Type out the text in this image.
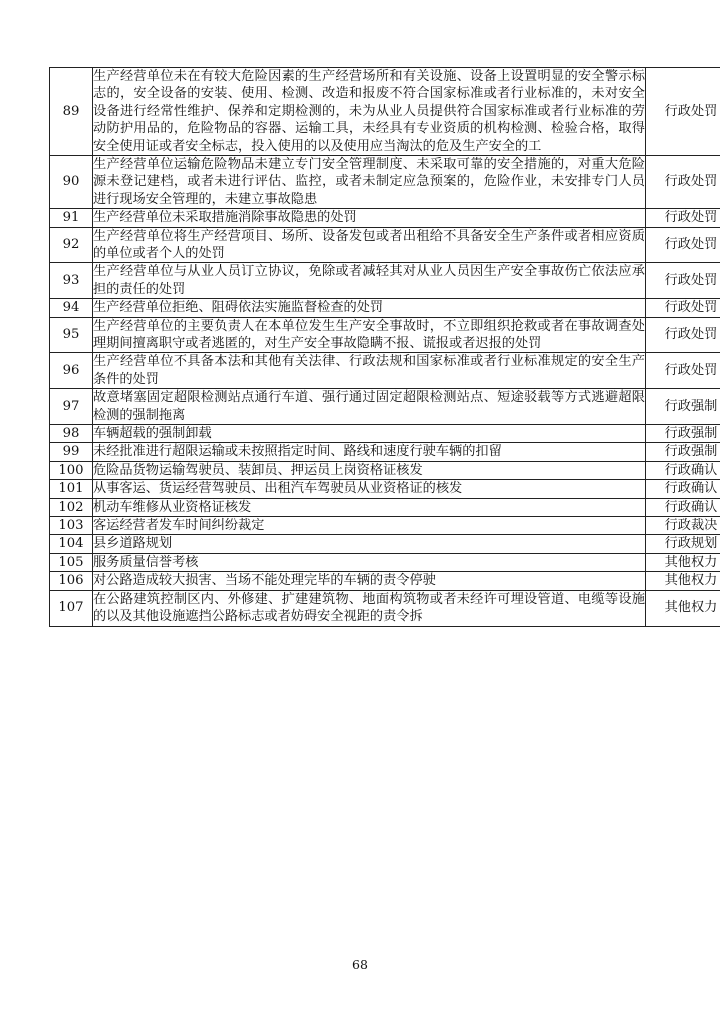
89	生产经营单位未在有较大危险因素的生产经营场所和有关设施、设备上设置明显的安全警示标志的，安全设备的安装、使用、检测、改造和报废不符合国家标准或者行业标准的，未对安全设备进行经常性维护、保养和定期检测的，未为从业人员提供符合国家标准或者行业标准的劳动防护用品的，危险物品的容器、运输工具，未经具有专业资质的机构检测、检验合格，取得安全使用证或者安全标志，投入使用的以及使用应当淘汰的危及生产安全的工	行政处罚
90	生产经营单位运输危险物品未建立专门安全管理制度、未采取可靠的安全措施的，对重大危险源未登记建档，或者未进行评估、监控，或者未制定应急预案的，危险作业，未安排专门人员进行现场安全管理的，未建立事故隐患	行政处罚
91	生产经营单位未采取措施消除事故隐患的处罚	行政处罚
92	生产经营单位将生产经营项目、场所、设备发包或者出租给不具备安全生产条件或者相应资质的单位或者个人的处罚	行政处罚
93	生产经营单位与从业人员订立协议，免除或者减轻其对从业人员因生产安全事故伤亡依法应承担的责任的处罚	行政处罚
94	生产经营单位拒绝、阻碍依法实施监督检查的处罚	行政处罚
95	生产经营单位的主要负责人在本单位发生生产安全事故时，不立即组织抢救或者在事故调查处理期间擅离职守或者逃匿的，对生产安全事故隐瞒不报、谎报或者迟报的处罚	行政处罚
96	生产经营单位不具备本法和其他有关法律、行政法规和国家标准或者行业标准规定的安全生产条件的处罚	行政处罚
97	故意堵塞固定超限检测站点通行车道、强行通过固定超限检测站点、短途驳载等方式逃避超限检测的强制拖离	行政强制
98	车辆超载的强制卸载	行政强制
99	未经批准进行超限运输或未按照指定时间、路线和速度行驶车辆的扣留	行政强制
100	危险品货物运输驾驶员、装卸员、押运员上岗资格证核发	行政确认
101	从事客运、货运经营驾驶员、出租汽车驾驶员从业资格证的核发	行政确认
102	机动车维修从业资格证核发	行政确认
103	客运经营者发车时间纠纷裁定	行政裁决
104	县乡道路规划	行政规划
105	服务质量信誉考核	其他权力
106	对公路造成较大损害、当场不能处理完毕的车辆的责令停驶	其他权力
107	在公路建筑控制区内、外修建、扩建建筑物、地面构筑物或者未经许可埋设管道、电缆等设施的以及其他设施遮挡公路标志或者妨碍安全视距的责令拆	其他权力
68
